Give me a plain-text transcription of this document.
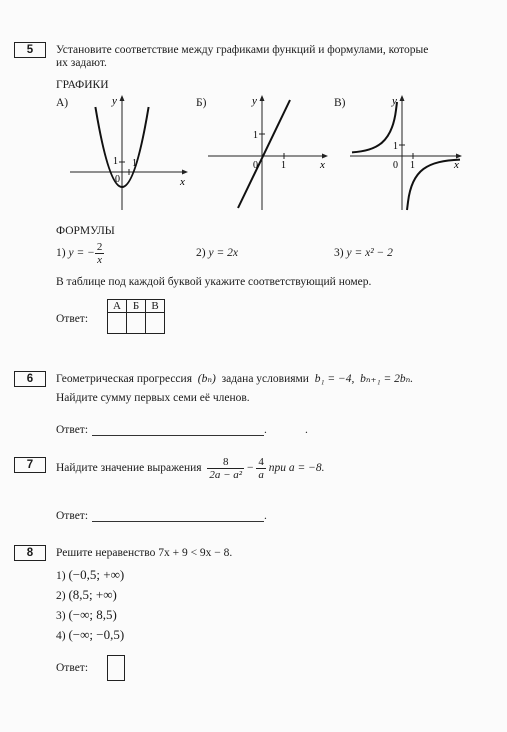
5	Установите соответствие между графиками функций и формулами, которые
их задают.
ГРАФИКИ
А)	Б)	В)
x
y
1 1
0
x
y
1
1
0	x
y
1
1
0
ФОРМУЛЫ
1) y = − $\frac{2}{x}$	2) y = 2x	3) y = x² − 2
В таблице под каждой буквой укажите соответствующий номер.
Ответ:
А	Б	В

6	Геометрическая прогрессия (bₙ) задана условиями b₁ = −4, bₙ₊₁ = 2bₙ.
Найдите сумму первых семи её членов.
Ответ:	.	.
7	Найдите значение выражения $\frac{8}{\text{2a − a²}} - \frac{4}{a}$ при a = −8.
Ответ:	.
8	Решите неравенство 7x + 9 < 9x − 8.
1) (−0,5; +∞)
2) (8,5; +∞)
3) (−∞; 8,5)
4) (−∞; −0,5)
Ответ:
